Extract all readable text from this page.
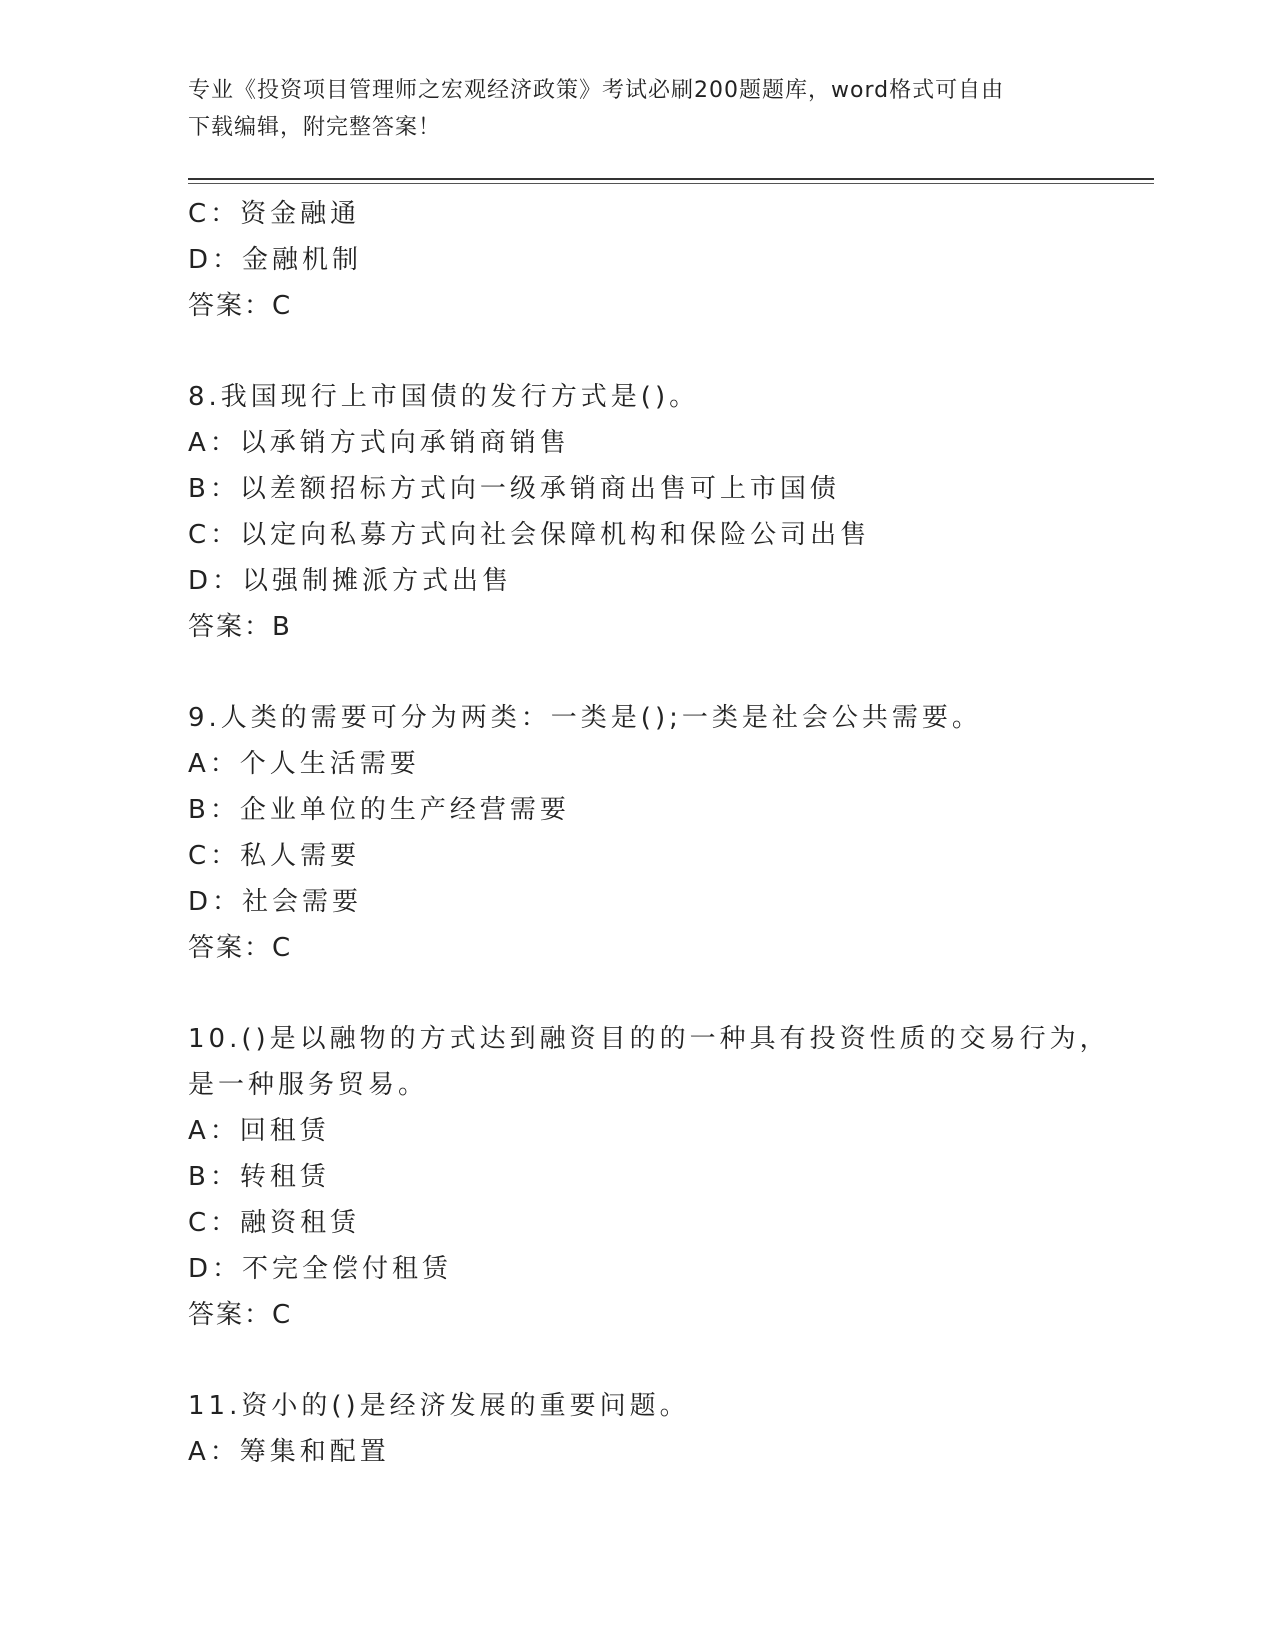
专业《投资项目管理师之宏观经济政策》考试必刷200题题库，word格式可自由
下载编辑，附完整答案！
C：资金融通
D：金融机制
答案：C
8.我国现行上市国债的发行方式是()。
A：以承销方式向承销商销售
B：以差额招标方式向一级承销商出售可上市国债
C：以定向私募方式向社会保障机构和保险公司出售
D：以强制摊派方式出售
答案：B
9.人类的需要可分为两类：一类是();一类是社会公共需要。
A：个人生活需要
B：企业单位的生产经营需要
C：私人需要
D：社会需要
答案：C
10.()是以融物的方式达到融资目的的一种具有投资性质的交易行为，
是一种服务贸易。
A：回租赁
B：转租赁
C：融资租赁
D：不完全偿付租赁
答案：C
11.资小的()是经济发展的重要问题。
A：筹集和配置
